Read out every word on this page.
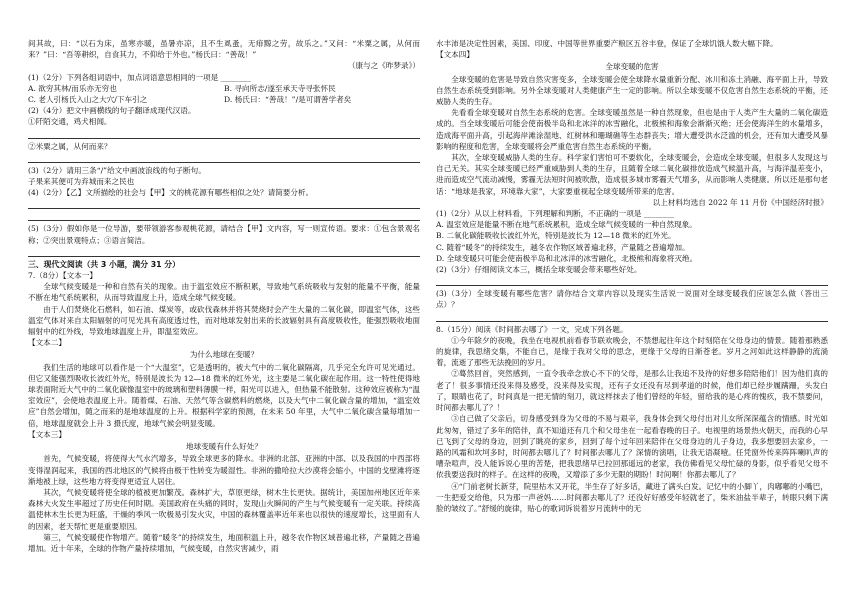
间其故，曰：“以石为床，虽寒亦暖，虽暑亦凉，且不生虱蚤，无痱黥之劳，故乐之。”又问：“米粟之属，从何而来？”曰：“吾等耕织，自食其力，不仰给于外也。”杨氏曰：“善哉！”

（康与之《昨梦录》）

(1)（2分）下列各组词语中，加点词语意思相同的一项是 ________

A. 欲穷其林/而乐亦无穷也	B. 寻向所志/遂至承天寺寻张怀民
C. 老人引杨氏入山之大穴/下车引之	D. 杨氏曰：“善哉！”/是可谓善学者矣

(2)（4分）把文中画横线的句子翻译成现代汉语。

①阡陌交通，鸡犬相闻。

②米粟之属，从何而来？

(3)（2分）请用三条“/”给文中画波浪线的句子断句。

子果来其便可为弃城而来之民也

(4)（2分）【乙】文所描绘的社会与【甲】文的桃花源有哪些相似之处？请简要分析。

(5)（3分）假如你是一位导游，要带领游客参观桃花源，请结合【甲】文内容，写一则宣传语。要求：①包含景观名称；②突出景观特点；③语言简洁。

三、现代文阅读（共 3 小题，满分 31 分）

7.（8分）【文本一】

全球气候变暖是一种和自然有关的现象。由于温室效应不断积累，导致地气系统吸收与发射的能量不平衡，能量不断在地气系统累积，从而导致温度上升，造成全球气候变暖。

由于人们焚烧化石燃料，如石油、煤炭等，或砍伐森林并将其焚烧时会产生大量的二氧化碳，即温室气体，这些温室气体对来自太阳辐射的可见光具有高度透过性，而对地球发射出来的长波辐射具有高度吸收性，能强烈吸收地面辐射中的红外线，导致地球温度上升，即温室效应。

【文本二】

为什么地球在变暖？

我们生活的地球可以看作是一个“大温室”，它是透明的，被大气中的二氧化碳隔离，几乎完全允许可见光通过。但它又能强烈吸收长波红外光，特别是波长为 12—18 微米的红外光，这主要是二氧化碳在起作用。这一特性使得地球表面附近大气中的二氧化碳像温室中的玻璃和塑料薄膜一样，阳光可以进入，但热量不能散射。这种效应被称为“温室效应”，会使地表温度上升。随着煤、石油、天然气等含碳燃料的燃烧，以及大气中二氧化碳含量的增加，“温室效应”自然会增加，随之而来的是地球温度的上升。根据科学家的预测，在未来 50 年里，大气中二氧化碳含量每增加一倍，地球温度就会上升 3 摄氏度，地球气候会明显变暖。

【文本三】

地球变暖有什么好处？

首先，气候变暖，将使得大气水汽增多，导致全球更多的降水。非洲的北部、亚洲的中部、以及我国的中西部将变得湿润起来，我国的西北地区的气候将由极干性转变为暖湿性。非洲的撒哈拉大沙漠将会缩小，中国的戈壁滩将逐渐地被上绿，这些地方将变得更适宜人居住。

其次，气候变暖将使全球的植被更加繁茂。森林扩大，草原更绿，树木生长更快。据统计，美国加州地区近年来森林大火发生率超过了历史任何时期。美国政府在头痛的同时，发现山火瞬间的产生与气候变暖有一定关联。持续高温使林木生长更为旺盛，干燥的季风一吹极易引发火灾，中国的森林覆盖率近年来也以很快的速度增长，这里面有人的因素，老天帮忙更是重要原因。

第三，气候变暖使作物增产。随着“暖冬”的持续发生，地面积温上升，越冬农作物区域普遍北移，产量随之普遍增加。近十年来，全球的作物产量持续增加，气候变暖，自然灾害减少，雨

水丰沛是决定性因素，美国、印度、中国等世界重要产粮区五谷丰登，保证了全球饥饿人数大幅下降。

【文本四】

全球变暖的危害

全球变暖的危害是导致自然灾害变多，全球变暖会使全球降水量重新分配、冰川和冻土消融、海平面上升，导致自然生态系统受到影响。另外全球变暖对人类健康产生一定的影响。所以全球变暖不仅危害自然生态系统的平衡，还威胁人类的生存。

先看看全球变暖对自然生态系统的危害。全球变暖虽然是一种自然现象，但也是由于人类产生大量的二氧化碳造成的。当全球变暖后可能会使南极半岛和北冰洋的冰雪融化，北极熊和海象会渐渐灭绝；还会使海洋生的水量增多，造成海平面升高，引起海岸滩涂湿地、红树林和珊瑚礁等生态群丧失；增大遭受洪水泛滥的机会，还有加大遭受风暴影响的程度和危害，全球变暖将会严重危害自然生态系统的平衡。

其次，全球变暖威胁人类的生存。科学家们害怕可不要软化，全球变暖会，会造成全球变暖，但很多人发现这与自己无关。其实全球变暖已经严重威胁到人类的生存，且随着全球二氧化碳排放造成气候温升高，与海洋温差变小，进而造成空气流动减慢，雾霾无法短时间被吹散，造成很多城市雾霾天气增多，从而影响人类健康。所以还是那句老话：“地球是我家，环境靠大家”，大家要重视起全球变暖所带来的危害。

以上材料均选自 2022 年 11 月份《中国经济时报》

(1)（2分）从以上材料看，下列理解和判断，不正确的一项是 ________

A. 温室效应是能量不断在地气系统累积，造成全球气候变暖的一种自然现象。

B. 二氧化碳能吸收长波红外光，特别是波长为 12—18 微米的红外光。

C. 随着“暖冬”的持续发生，越冬农作物区域普遍北移，产量随之普遍增加。

D. 全球变暖只可能会使南极半岛和北冰洋的冰雪融化，北极熊和海象将灭绝。

(2)（3分）仔细阅读文本三，概括全球变暖会带来哪些好处。

(3)（3分）全球变暖有哪些危害？请你结合文章内容以及现实生活说一说面对全球变暖我们应该怎么做（答出三点）？

8.（15分）阅读《时间都去哪了》一文，完成下列各题。

①今年除夕的夜晚，我坐在电视机前看春节联欢晚会，不禁想起往年这个时刻陪在父母身边的情景。随着那熟悉的旋律，我思绪交集，不能自已，是缘于我对父母的思念，更缘于父母的日渐苍老。岁月之河如此这样静静的流淌着，流逝了那些无法挽回的岁月。

②蓦然回首，突然感到，一直令我牵念放心不下的父母，是那么让我追不及待的好想多陪陪他们！因为他们真的老了！很多事情还没来得及感受，没来得及实现，还有子女还没有尽到孝道的时候，他们却已经步履蹒跚，头发白了，眼睛也花了，时间真是一把无情的刻刀，就这样抹去了他们曾经的年轻，留给我的是心疼的愧疚，我不禁要问，时间都去哪儿了？！

③自己做了父亲后，切身感受到身为父母的不易与艰辛，我身体会到父母付出对儿女所深深蕴含的情感。时光如此匆匆，错过了多年的陪伴，真不知道还有几个和父母坐在一起看春晚的日子。电视里的场景热火朝天，而我的心早已飞到了父母的身边，回到了眺亮的家乡，回到了每个过年回来陪伴在父母身边的儿子身边，我多想要回去家乡，一路的风霜和坎坷多时，时间都去哪儿了？时间都去哪儿了？深情的演唱，让我无语凝噎。任凭窗外传来阵阵喇叭声的嘈杂喧声，没人能诉说心里的苦楚，把我思绪早已拉回那遥远的老家，我仿佛看见父母忙碌的身影，似乎看见父母不依我要送我时的样子。在这样的夜晚，又增添了多少无限的期盼！时间啊！你都去哪儿了？

④“门前老树长新芽，院里枯木又开花，半生存了好多话，藏进了满头白发。记忆中的小脚丫，肉嘟嘟的小嘴巴，一生把爱交给他，只为那一声爸妈……时间都去哪儿了？还没好好感受年轻就老了，柴米油盐半辈子，转眼只剩下满脸的皱纹了。”舒缓的旋律，贴心的歌词诉说着岁月流转中的无
